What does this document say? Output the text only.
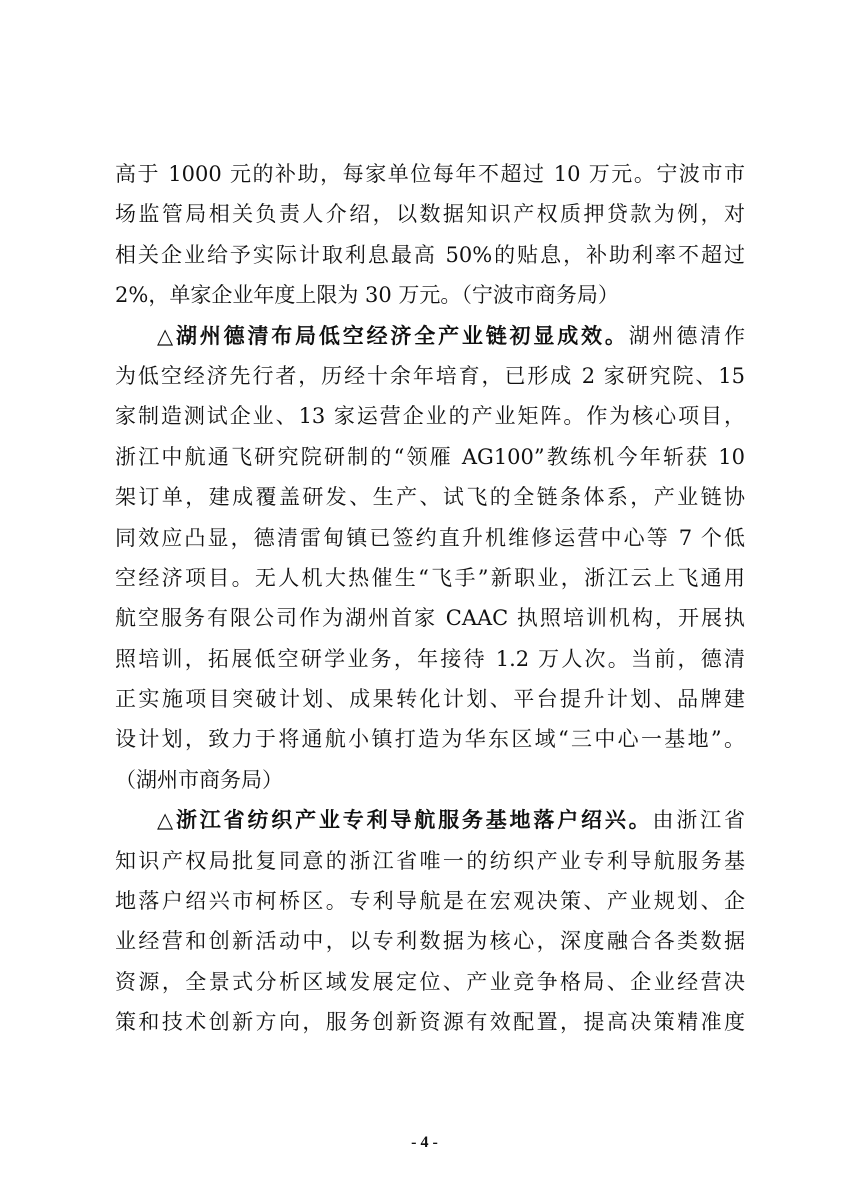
高于 1000 元的补助，每家单位每年不超过 10 万元。宁波市市
场监管局相关负责人介绍，以数据知识产权质押贷款为例，对
相关企业给予实际计取利息最高 50%的贴息，补助利率不超过
2%，单家企业年度上限为 30 万元。（宁波市商务局）
△湖州德清布局低空经济全产业链初显成效。湖州德清作
为低空经济先行者，历经十余年培育，已形成 2 家研究院、15
家制造测试企业、13 家运营企业的产业矩阵。作为核心项目，
浙江中航通飞研究院研制的“领雁 AG100”教练机今年斩获 10
架订单，建成覆盖研发、生产、试飞的全链条体系，产业链协
同效应凸显，德清雷甸镇已签约直升机维修运营中心等 7 个低
空经济项目。无人机大热催生“飞手”新职业，浙江云上飞通用
航空服务有限公司作为湖州首家 CAAC 执照培训机构，开展执
照培训，拓展低空研学业务，年接待 1.2 万人次。当前，德清
正实施项目突破计划、成果转化计划、平台提升计划、品牌建
设计划，致力于将通航小镇打造为华东区域“三中心一基地”。
（湖州市商务局）
△浙江省纺织产业专利导航服务基地落户绍兴。由浙江省
知识产权局批复同意的浙江省唯一的纺织产业专利导航服务基
地落户绍兴市柯桥区。专利导航是在宏观决策、产业规划、企
业经营和创新活动中，以专利数据为核心，深度融合各类数据
资源，全景式分析区域发展定位、产业竞争格局、企业经营决
策和技术创新方向，服务创新资源有效配置，提高决策精准度
- 4 -
